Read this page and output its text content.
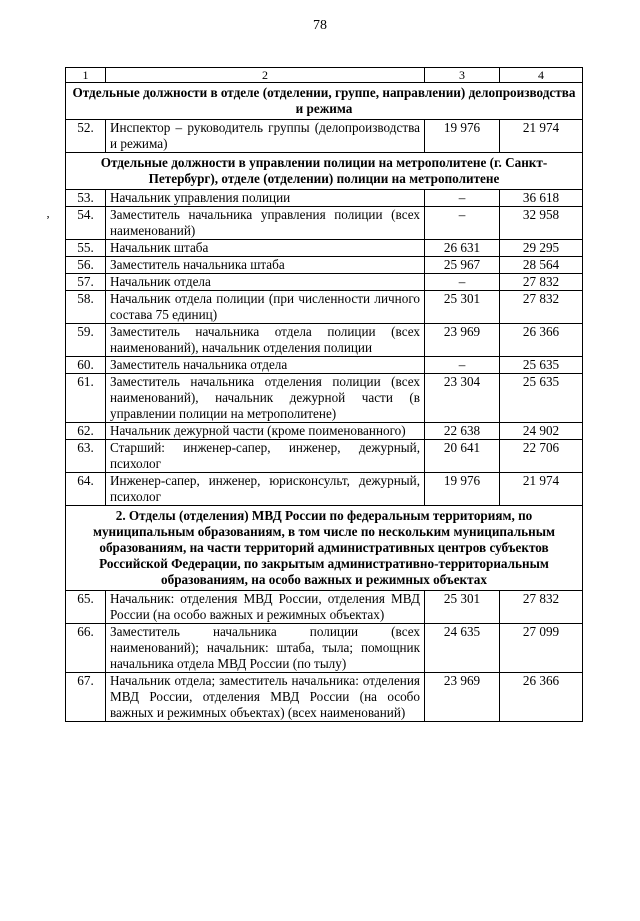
78
ʼ
1	2	3	4
Отдельные должности в отделе (отделении, группе, направлении) делопроизводства и режима			
52.	Инспектор – руководитель группы (делопроизводства и режима)	19 976	21 974
Отдельные должности в управлении полиции на метрополитене (г. Санкт-Петербург), отделе (отделении) полиции на метрополитене			
53.	Начальник управления полиции	–	36 618
54.	Заместитель начальника управления полиции (всех наименований)	–	32 958
55.	Начальник штаба	26 631	29 295
56.	Заместитель начальника штаба	25 967	28 564
57.	Начальник отдела	–	27 832
58.	Начальник отдела полиции (при численности личного состава 75 единиц)	25 301	27 832
59.	Заместитель начальника отдела полиции (всех наименований), начальник отделения полиции	23 969	26 366
60.	Заместитель начальника отдела	–	25 635
61.	Заместитель начальника отделения полиции (всех наименований), начальник дежурной части (в управлении полиции на метрополитене)	23 304	25 635
62.	Начальник дежурной части (кроме поименованного)	22 638	24 902
63.	Старший: инженер-сапер, инженер, дежурный, психолог	20 641	22 706
64.	Инженер-сапер, инженер, юрисконсульт, дежурный, психолог	19 976	21 974
2. Отделы (отделения) МВД России по федеральным территориям, по муниципальным образованиям, в том числе по нескольким муниципальным образованиям, на части территорий административных центров субъектов Российской Федерации, по закрытым административно-территориальным образованиям, на особо важных и режимных объектах			
65.	Начальник: отделения МВД России, отделения МВД России (на особо важных и режимных объектах)	25 301	27 832
66.	Заместитель начальника полиции (всех наименований); начальник: штаба, тыла; помощник начальника отдела МВД России (по тылу)	24 635	27 099
67.	Начальник отдела; заместитель начальника: отделения МВД России, отделения МВД России (на особо важных и режимных объектах) (всех наименований)	23 969	26 366
